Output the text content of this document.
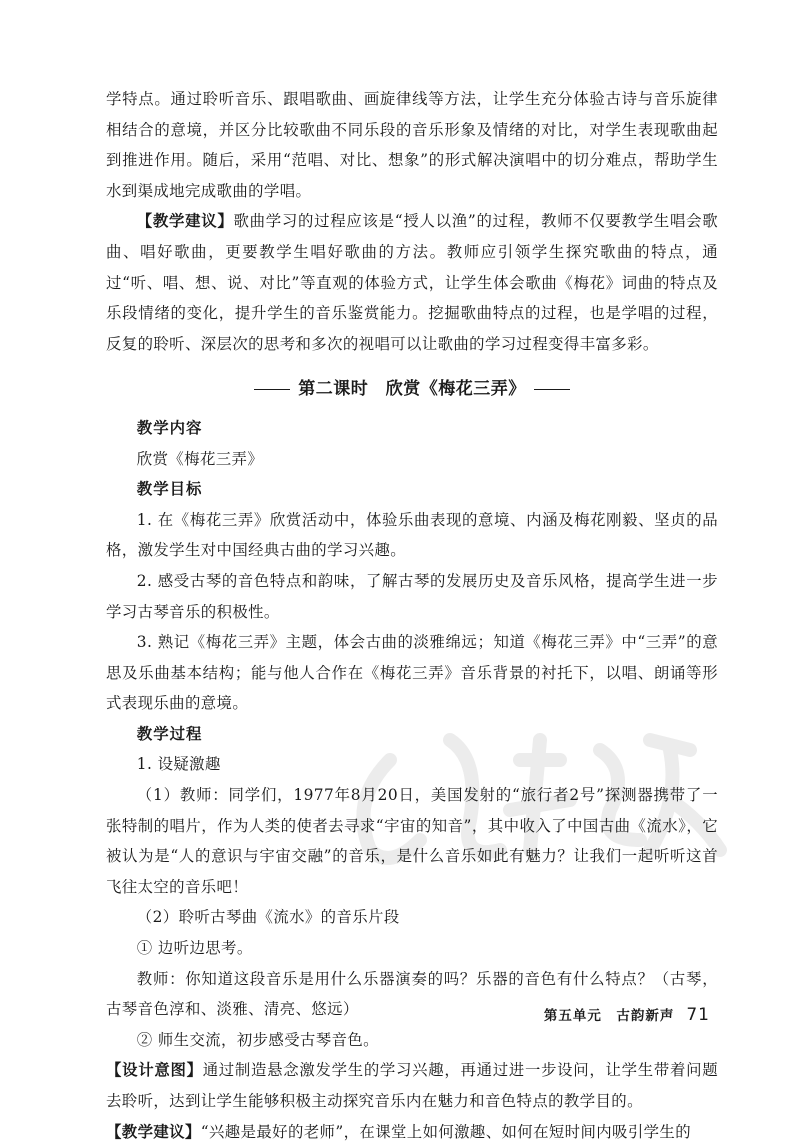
学特点。通过聆听音乐、跟唱歌曲、画旋律线等方法，让学生充分体验古诗与音乐旋律相结合的意境，并区分比较歌曲不同乐段的音乐形象及情绪的对比，对学生表现歌曲起到推进作用。随后，采用“范唱、对比、想象”的形式解决演唱中的切分难点，帮助学生水到渠成地完成歌曲的学唱。

【教学建议】歌曲学习的过程应该是“授人以渔”的过程，教师不仅要教学生唱会歌曲、唱好歌曲，更要教学生唱好歌曲的方法。教师应引领学生探究歌曲的特点，通过“听、唱、想、说、对比”等直观的体验方式，让学生体会歌曲《梅花》词曲的特点及乐段情绪的变化，提升学生的音乐鉴赏能力。挖掘歌曲特点的过程，也是学唱的过程，反复的聆听、深层次的思考和多次的视唱可以让歌曲的学习过程变得丰富多彩。

第二课时　欣赏《梅花三弄》

教学内容

欣赏《梅花三弄》

教学目标

1. 在《梅花三弄》欣赏活动中，体验乐曲表现的意境、内涵及梅花刚毅、坚贞的品格，激发学生对中国经典古曲的学习兴趣。

2. 感受古琴的音色特点和韵味，了解古琴的发展历史及音乐风格，提高学生进一步学习古琴音乐的积极性。

3. 熟记《梅花三弄》主题，体会古曲的淡雅绵远；知道《梅花三弄》中“三弄”的意思及乐曲基本结构；能与他人合作在《梅花三弄》音乐背景的衬托下，以唱、朗诵等形式表现乐曲的意境。

教学过程

1. 设疑激趣

（1）教师：同学们，1977年8月20日，美国发射的“旅行者2号”探测器携带了一张特制的唱片，作为人类的使者去寻求“宇宙的知音”，其中收入了中国古曲《流水》，它被认为是“人的意识与宇宙交融”的音乐，是什么音乐如此有魅力？让我们一起听听这首飞往太空的音乐吧！

（2）聆听古琴曲《流水》的音乐片段

① 边听边思考。

教师：你知道这段音乐是用什么乐器演奏的吗？乐器的音色有什么特点？（古琴，古琴音色淳和、淡雅、清亮、悠远）

② 师生交流，初步感受古琴音色。

【设计意图】通过制造悬念激发学生的学习兴趣，再通过进一步设问，让学生带着问题去聆听，达到让学生能够积极主动探究音乐内在魅力和音色特点的教学目的。

【教学建议】“兴趣是最好的老师”，在课堂上如何激趣、如何在短时间内吸引学生的

第五单元　古韵新声 71
